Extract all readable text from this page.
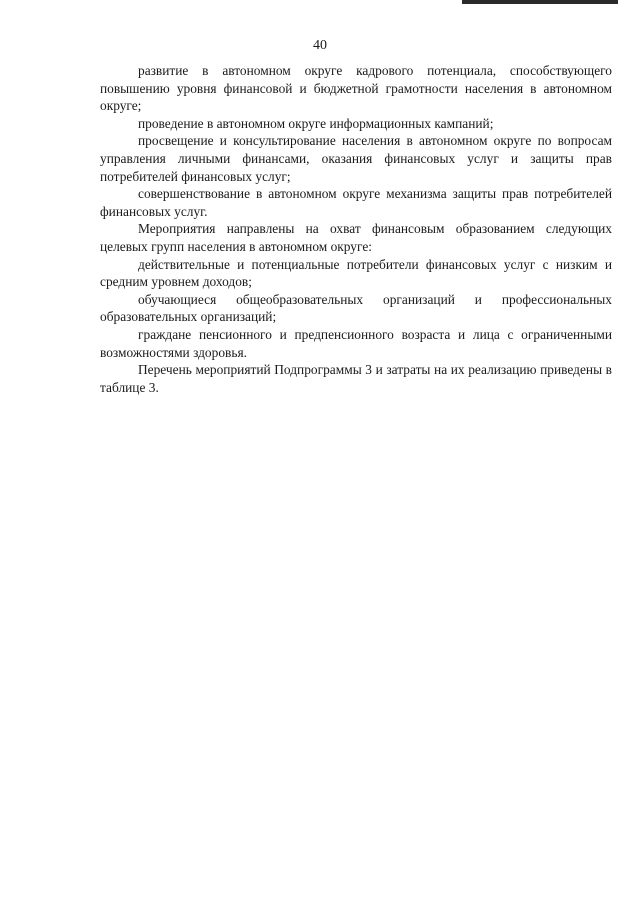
40

развитие в автономном округе кадрового потенциала, способствующего повышению уровня финансовой и бюджетной грамотности населения в автономном округе;

проведение в автономном округе информационных кампаний;

просвещение и консультирование населения в автономном округе по вопросам управления личными финансами, оказания финансовых услуг и защиты прав потребителей финансовых услуг;

совершенствование в автономном округе механизма защиты прав потребителей финансовых услуг.

Мероприятия направлены на охват финансовым образованием следующих целевых групп населения в автономном округе:

действительные и потенциальные потребители финансовых услуг с низким и средним уровнем доходов;

обучающиеся общеобразовательных организаций и профессиональных образовательных организаций;

граждане пенсионного и предпенсионного возраста и лица с ограниченными возможностями здоровья.

Перечень мероприятий Подпрограммы 3 и затраты на их реализацию приведены в таблице 3.
